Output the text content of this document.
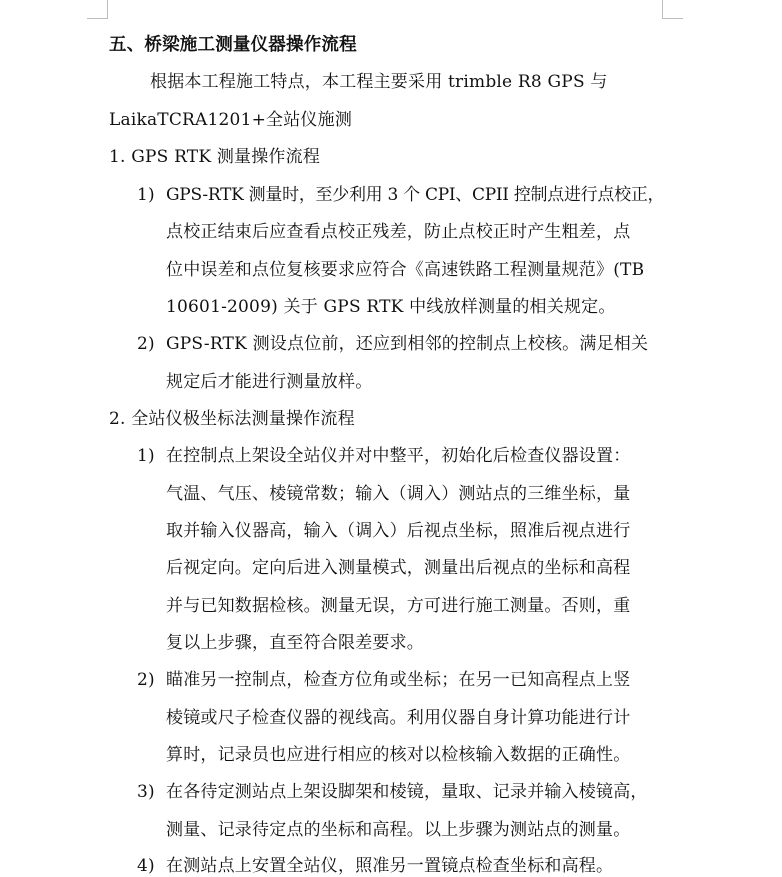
五、桥梁施工测量仪器操作流程
根据本工程施工特点，本工程主要采用 trimble R8 GPS 与
LaikaTCRA1201+全站仪施测
1. GPS RTK 测量操作流程
1) GPS-RTK 测量时，至少利用 3 个 CPI、CPII 控制点进行点校正，
点校正结束后应查看点校正残差，防止点校正时产生粗差，点
位中误差和点位复核要求应符合《高速铁路工程测量规范》(TB
10601-2009) 关于 GPS RTK 中线放样测量的相关规定。
2) GPS-RTK 测设点位前，还应到相邻的控制点上校核。满足相关
规定后才能进行测量放样。
2. 全站仪极坐标法测量操作流程
1) 在控制点上架设全站仪并对中整平，初始化后检查仪器设置：
气温、气压、棱镜常数；输入（调入）测站点的三维坐标，量
取并输入仪器高，输入（调入）后视点坐标，照准后视点进行
后视定向。定向后进入测量模式，测量出后视点的坐标和高程
并与已知数据检核。测量无误，方可进行施工测量。否则，重
复以上步骤，直至符合限差要求。
2) 瞄准另一控制点，检查方位角或坐标；在另一已知高程点上竖
棱镜或尺子检查仪器的视线高。利用仪器自身计算功能进行计
算时，记录员也应进行相应的核对以检核输入数据的正确性。
3) 在各待定测站点上架设脚架和棱镜，量取、记录并输入棱镜高，
测量、记录待定点的坐标和高程。以上步骤为测站点的测量。
4) 在测站点上安置全站仪，照准另一置镜点检查坐标和高程。
